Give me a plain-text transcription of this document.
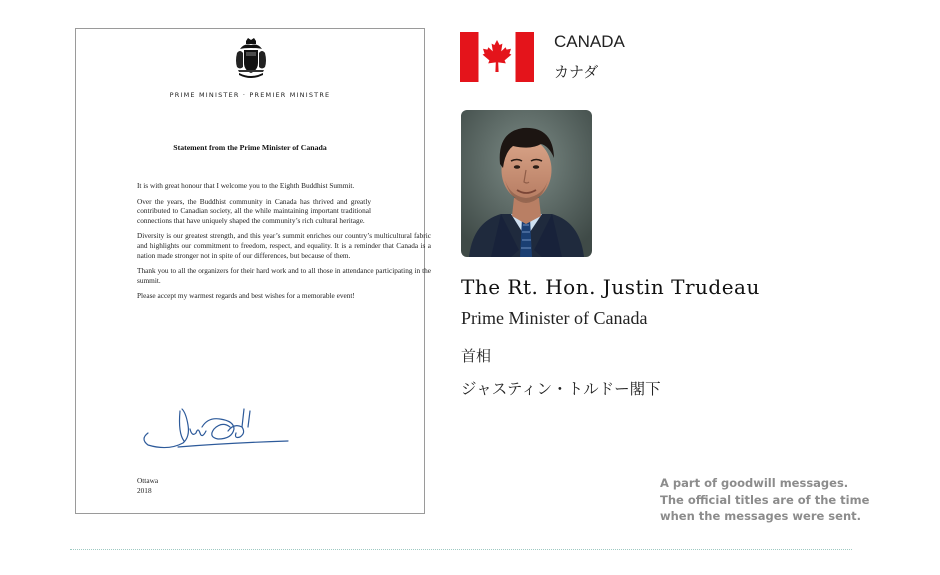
PRIME MINISTER · PREMIER MINISTRE
Statement from the Prime Minister of Canada

It is with great honour that I welcome you to the Eighth Buddhist Summit.

Over the years, the Buddhist community in Canada has thrived and greatly contributed to Canadian society, all the while maintaining important traditional connections that have uniquely shaped the community’s rich cultural heritage.

Diversity is our greatest strength, and this year’s summit enriches our country’s multicultural fabric and highlights our commitment to freedom, respect, and equality. It is a reminder that Canada is a nation made stronger not in spite of our differences, but because of them.

Thank you to all the organizers for their hard work and to all those in attendance participating in the summit.

Please accept my warmest regards and best wishes for a memorable event!

Ottawa
2018
CANADA
カナダ
The Rt. Hon. Justin Trudeau
Prime Minister of Canada
首相
ジャスティン・トルドー閣下
A part of goodwill messages.
The official titles are of the time
when the messages were sent.
